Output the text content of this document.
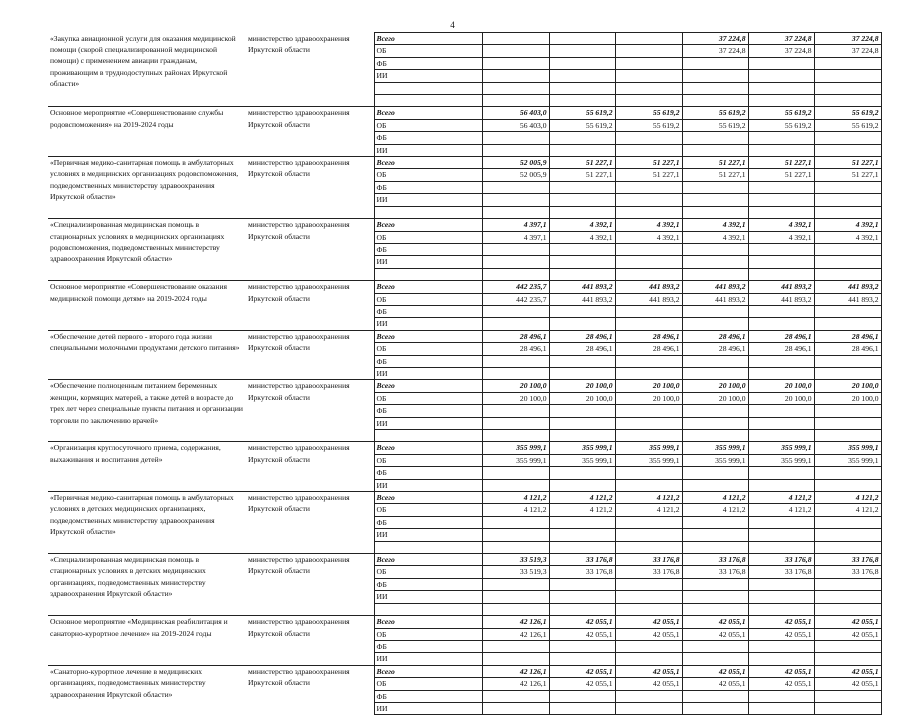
4
«Закупка авиационной услуги для оказания медицинской помощи (скорой специализированной медицинской помощи) с применением авиации гражданам, проживающим в труднодоступных районах Иркутской области»	министерство здравоохранения Иркутской области	Всего				37 224,8	37 224,8	37 224,8
		ОБ				37 224,8	37 224,8	37 224,8
		ФБ						
		ИИ						

Основное мероприятие «Совершенствование службы родовспоможения» на 2019-2024 годы	министерство здравоохранения Иркутской области	Всего	56 403,0	55 619,2	55 619,2	55 619,2	55 619,2	55 619,2
		ОБ	56 403,0	55 619,2	55 619,2	55 619,2	55 619,2	55 619,2
		ФБ						
		ИИ						
«Первичная медико-санитарная помощь в амбулаторных условиях в медицинских организациях родовспоможения, подведомственных министерству здравоохранения Иркутской области»	министерство здравоохранения Иркутской области	Всего	52 005,9	51 227,1	51 227,1	51 227,1	51 227,1	51 227,1
		ОБ	52 005,9	51 227,1	51 227,1	51 227,1	51 227,1	51 227,1
		ФБ						
		ИИ						

«Специализированная медицинская помощь в стационарных условиях в медицинских организациях родовспоможения, подведомственных министерству здравоохранения Иркутской области»	министерство здравоохранения Иркутской области	Всего	4 397,1	4 392,1	4 392,1	4 392,1	4 392,1	4 392,1
		ОБ	4 397,1	4 392,1	4 392,1	4 392,1	4 392,1	4 392,1
		ФБ						
		ИИ						

Основное мероприятие «Совершенствование оказания медицинской помощи детям» на 2019-2024 годы	министерство здравоохранения Иркутской области	Всего	442 235,7	441 893,2	441 893,2	441 893,2	441 893,2	441 893,2
		ОБ	442 235,7	441 893,2	441 893,2	441 893,2	441 893,2	441 893,2
		ФБ						
		ИИ						
«Обеспечение детей первого - второго года жизни специальными молочными продуктами детского питания»	министерство здравоохранения Иркутской области	Всего	28 496,1	28 496,1	28 496,1	28 496,1	28 496,1	28 496,1
		ОБ	28 496,1	28 496,1	28 496,1	28 496,1	28 496,1	28 496,1
		ФБ						
		ИИ						
«Обеспечение полноценным питанием беременных женщин, кормящих матерей, а также детей в возрасте до трех лет через специальные пункты питания и организации торговли по заключению врачей»	министерство здравоохранения Иркутской области	Всего	20 100,0	20 100,0	20 100,0	20 100,0	20 100,0	20 100,0
		ОБ	20 100,0	20 100,0	20 100,0	20 100,0	20 100,0	20 100,0
		ФБ						
		ИИ						

«Организация круглосуточного приема, содержания, выхаживания и воспитания детей»	министерство здравоохранения Иркутской области	Всего	355 999,1	355 999,1	355 999,1	355 999,1	355 999,1	355 999,1
		ОБ	355 999,1	355 999,1	355 999,1	355 999,1	355 999,1	355 999,1
		ФБ						
		ИИ						
«Первичная медико-санитарная помощь в амбулаторных условиях в детских медицинских организациях, подведомственных министерству здравоохранения Иркутской области»	министерство здравоохранения Иркутской области	Всего	4 121,2	4 121,2	4 121,2	4 121,2	4 121,2	4 121,2
		ОБ	4 121,2	4 121,2	4 121,2	4 121,2	4 121,2	4 121,2
		ФБ						
		ИИ						

«Специализированная медицинская помощь в стационарных условиях в детских медицинских организациях, подведомственных министерству здравоохранения Иркутской области»	министерство здравоохранения Иркутской области	Всего	33 519,3	33 176,8	33 176,8	33 176,8	33 176,8	33 176,8
		ОБ	33 519,3	33 176,8	33 176,8	33 176,8	33 176,8	33 176,8
		ФБ						
		ИИ						

Основное мероприятие «Медицинская реабилитация и санаторно-курортное лечение» на 2019-2024 годы	министерство здравоохранения Иркутской области	Всего	42 126,1	42 055,1	42 055,1	42 055,1	42 055,1	42 055,1
		ОБ	42 126,1	42 055,1	42 055,1	42 055,1	42 055,1	42 055,1
		ФБ						
		ИИ						
«Санаторно-курортное лечение в медицинских организациях, подведомственных министерству здравоохранения Иркутской области»	министерство здравоохранения Иркутской области	Всего	42 126,1	42 055,1	42 055,1	42 055,1	42 055,1	42 055,1
		ОБ	42 126,1	42 055,1	42 055,1	42 055,1	42 055,1	42 055,1
		ФБ						
		ИИ						
